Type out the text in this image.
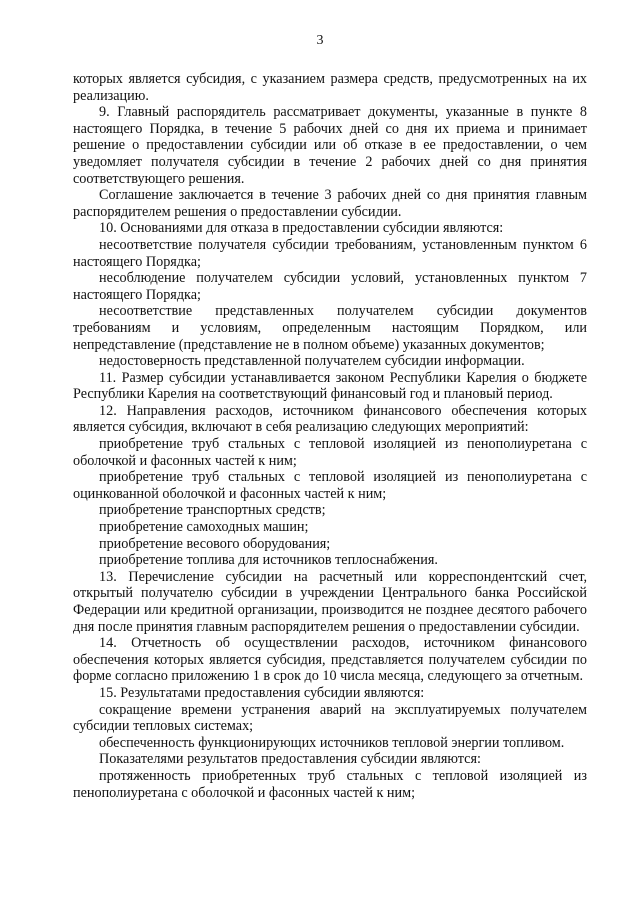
3

которых является субсидия, с указанием размера средств, предусмотренных на их реализацию.

9. Главный распорядитель рассматривает документы, указанные в пункте 8 настоящего Порядка, в течение 5 рабочих дней со дня их приема и принимает решение о предоставлении субсидии или об отказе в ее предоставлении, о чем уведомляет получателя субсидии в течение 2 рабочих дней со дня принятия соответствующего решения.

Соглашение заключается в течение 3 рабочих дней со дня принятия главным распорядителем решения о предоставлении субсидии.

10. Основаниями для отказа в предоставлении субсидии являются:

несоответствие получателя субсидии требованиям, установленным пунктом 6 настоящего Порядка;

несоблюдение получателем субсидии условий, установленных пунктом 7 настоящего Порядка;

несоответствие представленных получателем субсидии документов требованиям и условиям, определенным настоящим Порядком, или непредставление (представление не в полном объеме) указанных документов;

недостоверность представленной получателем субсидии информации.

11. Размер субсидии устанавливается законом Республики Карелия о бюджете Республики Карелия на соответствующий финансовый год и плановый период.

12. Направления расходов, источником финансового обеспечения которых является субсидия, включают в себя реализацию следующих мероприятий:

приобретение труб стальных с тепловой изоляцией из пенополиуретана с оболочкой и фасонных частей к ним;

приобретение труб стальных с тепловой изоляцией из пенополиуретана с оцинкованной оболочкой и фасонных частей к ним;

приобретение транспортных средств;

приобретение самоходных машин;

приобретение весового оборудования;

приобретение топлива для источников теплоснабжения.

13. Перечисление субсидии на расчетный или корреспондентский счет, открытый получателю субсидии в учреждении Центрального банка Российской Федерации или кредитной организации, производится не позднее десятого рабочего дня после принятия главным распорядителем решения о предоставлении субсидии.

14. Отчетность об осуществлении расходов, источником финансового обеспечения которых является субсидия, представляется получателем субсидии по форме согласно приложению 1 в срок до 10 числа месяца, следующего за отчетным.

15. Результатами предоставления субсидии являются:

сокращение времени устранения аварий на эксплуатируемых получателем субсидии тепловых системах;

обеспеченность функционирующих источников тепловой энергии топливом.

Показателями результатов предоставления субсидии являются:

протяженность приобретенных труб стальных с тепловой изоляцией из пенополиуретана с оболочкой и фасонных частей к ним;
